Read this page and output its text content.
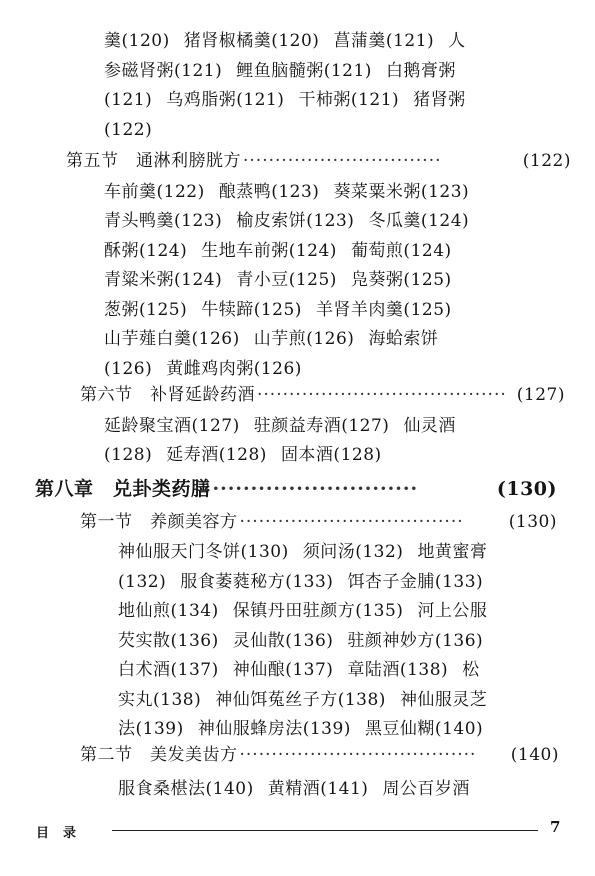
羹(120) 猪肾椒橘羹(120) 菖蒲羹(121) 人
参磁肾粥(121) 鲤鱼脑髓粥(121) 白鹅膏粥
(121) 乌鸡脂粥(121) 干柿粥(121) 猪肾粥
(122)
第五节　通淋利膀胱方 ·······························	(122)
车前羹(122) 酿蒸鸭(123) 葵菜粟米粥(123)
青头鸭羹(123) 榆皮索饼(123) 冬瓜羹(124)
酥粥(124) 生地车前粥(124) 葡萄煎(124)
青粱米粥(124) 青小豆(125) 凫葵粥(125)
葱粥(125) 牛犊蹄(125) 羊肾羊肉羹(125)
山芋薤白羹(126) 山芋煎(126) 海蛤索饼
(126) 黄雌鸡肉粥(126)
第六节　补肾延龄药酒 ······································· (127)
延龄聚宝酒(127) 驻颜益寿酒(127) 仙灵酒
(128) 延寿酒(128) 固本酒(128)
第八章　兑卦类药膳 ···························	(130)
第一节　养颜美容方 ···································	(130)
神仙服天门冬饼(130) 须问汤(132) 地黄蜜膏
(132) 服食萎蕤秘方(133) 饵杏子金脯(133)
地仙煎(134) 保镇丹田驻颜方(135) 河上公服
芡实散(136) 灵仙散(136) 驻颜神妙方(136)
白术酒(137) 神仙酿(137) 章陆酒(138) 松
实丸(138) 神仙饵菟丝子方(138) 神仙服灵芝
法(139) 神仙服蜂房法(139) 黑豆仙糊(140)
第二节　美发美齿方 ·····································	(140)
服食桑椹法(140) 黄精酒(141) 周公百岁酒
目录	7
